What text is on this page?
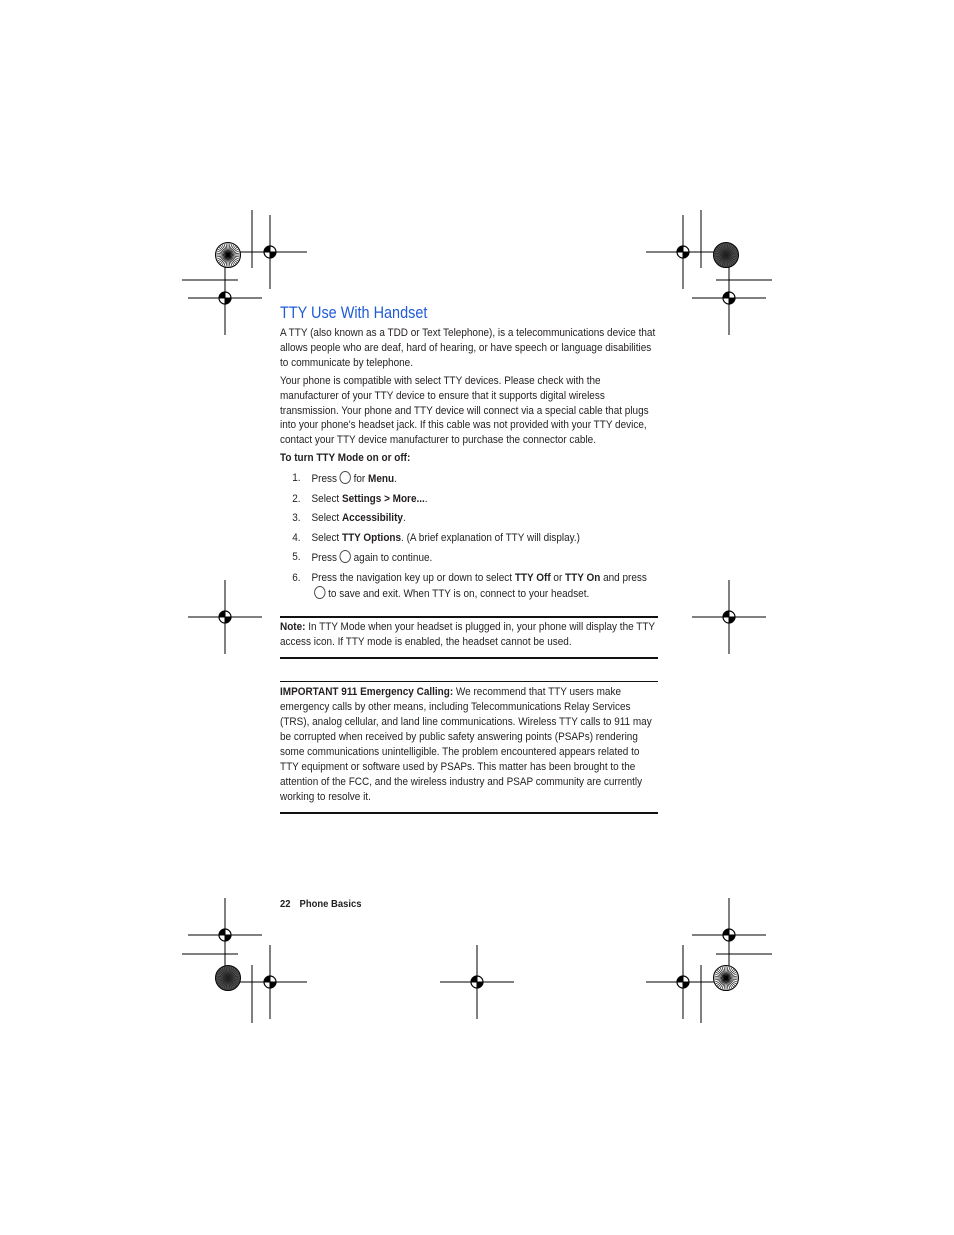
TTY Use With Handset

A TTY (also known as a TDD or Text Telephone), is a telecommunications device that allows people who are deaf, hard of hearing, or have speech or language disabilities to communicate by telephone.

Your phone is compatible with select TTY devices. Please check with the manufacturer of your TTY device to ensure that it supports digital wireless transmission. Your phone and TTY device will connect via a special cable that plugs into your phone's headset jack. If this cable was not provided with your TTY device, contact your TTY device manufacturer to purchase the connector cable.

To turn TTY Mode on or off:
1. Press for Menu.
2. Select Settings > More....
3. Select Accessibility.
4. Select TTY Options. (A brief explanation of TTY will display.)
5. Press again to continue.
6. Press the navigation key up or down to select TTY Off or TTY On and pressto save and exit. When TTY is on, connect to your headset.
Note: In TTY Mode when your headset is plugged in, your phone will display the TTY access icon. If TTY mode is enabled, the headset cannot be used.
IMPORTANT 911 Emergency Calling: We recommend that TTY users make emergency calls by other means, including Telecommunications Relay Services (TRS), analog cellular, and land line communications. Wireless TTY calls to 911 may be corrupted when received by public safety answering points (PSAPs) rendering some communications unintelligible. The problem encountered appears related to TTY equipment or software used by PSAPs. This matter has been brought to the attention of the FCC, and the wireless industry and PSAP community are currently working to resolve it.
22 Phone Basics
